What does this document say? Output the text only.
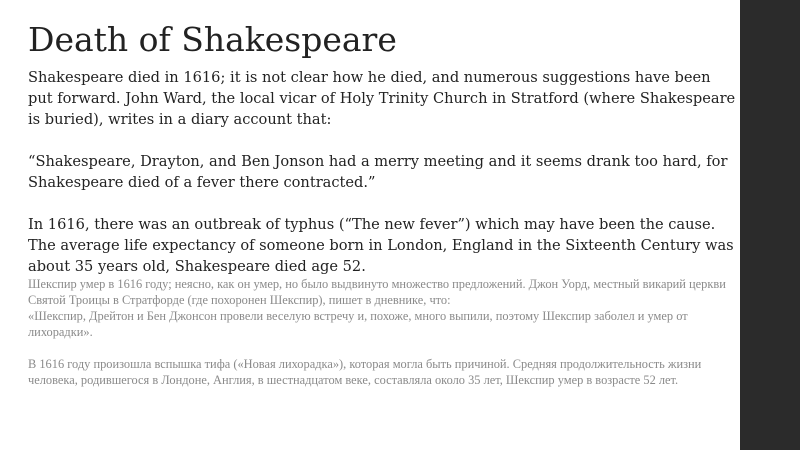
Death of Shakespeare

Shakespeare died in 1616; it is not clear how he died, and numerous suggestions have been put forward. John Ward, the local vicar of Holy Trinity Church in Stratford (where Shakespeare is buried), writes in a diary account that:

“Shakespeare, Drayton, and Ben Jonson had a merry meeting and it seems drank too hard, for Shakespeare died of a fever there contracted.”

In 1616, there was an outbreak of typhus (“The new fever”) which may have been the cause. The average life expectancy of someone born in London, England in the Sixteenth Century was about 35 years old, Shakespeare died age 52.

Шекспир умер в 1616 году; неясно, как он умер, но было выдвинуто множество предложений. Джон Уорд, местный викарий церкви Святой Троицы в Стратфорде (где похоронен Шекспир), пишет в дневнике, что:

«Шекспир, Дрейтон и Бен Джонсон провели веселую встречу и, похоже, много выпили, поэтому Шекспир заболел и умер от лихорадки».

В 1616 году произошла вспышка тифа («Новая лихорадка»), которая могла быть причиной. Средняя продолжительность жизни человека, родившегося в Лондоне, Англия, в шестнадцатом веке, составляла около 35 лет, Шекспир умер в возрасте 52 лет.
